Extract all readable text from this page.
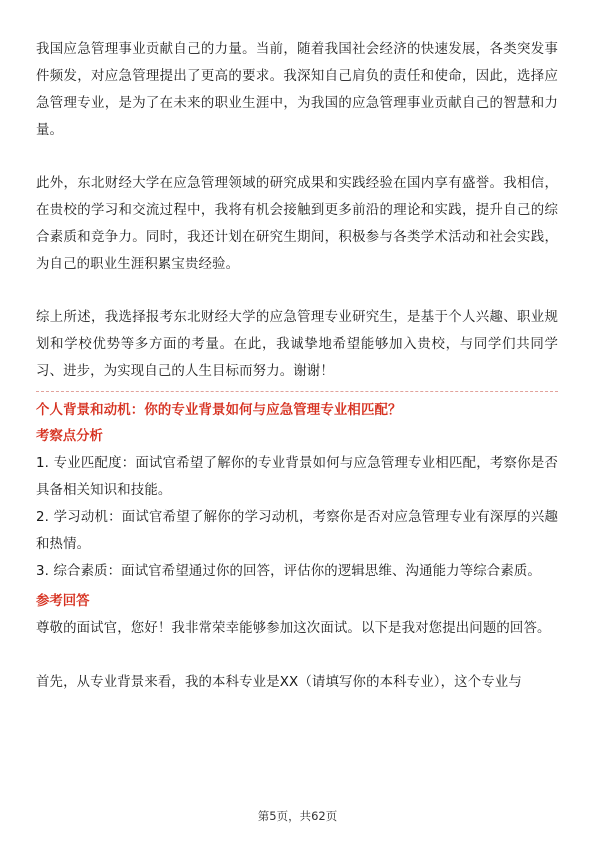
我国应急管理事业贡献自己的力量。当前，随着我国社会经济的快速发展，各类突发事件频发，对应急管理提出了更高的要求。我深知自己肩负的责任和使命，因此，选择应急管理专业，是为了在未来的职业生涯中，为我国的应急管理事业贡献自己的智慧和力量。

此外，东北财经大学在应急管理领域的研究成果和实践经验在国内享有盛誉。我相信，在贵校的学习和交流过程中，我将有机会接触到更多前沿的理论和实践，提升自己的综合素质和竞争力。同时，我还计划在研究生期间，积极参与各类学术活动和社会实践，为自己的职业生涯积累宝贵经验。

综上所述，我选择报考东北财经大学的应急管理专业研究生，是基于个人兴趣、职业规划和学校优势等多方面的考量。在此，我诚挚地希望能够加入贵校，与同学们共同学习、进步，为实现自己的人生目标而努力。谢谢！

个人背景和动机：你的专业背景如何与应急管理专业相匹配？

考察点分析

1. 专业匹配度：面试官希望了解你的专业背景如何与应急管理专业相匹配，考察你是否具备相关知识和技能。

2. 学习动机：面试官希望了解你的学习动机，考察你是否对应急管理专业有深厚的兴趣和热情。

3. 综合素质：面试官希望通过你的回答，评估你的逻辑思维、沟通能力等综合素质。

参考回答

尊敬的面试官，您好！我非常荣幸能够参加这次面试。以下是我对您提出问题的回答。

首先，从专业背景来看，我的本科专业是XX（请填写你的本科专业），这个专业与

第5页，共62页
